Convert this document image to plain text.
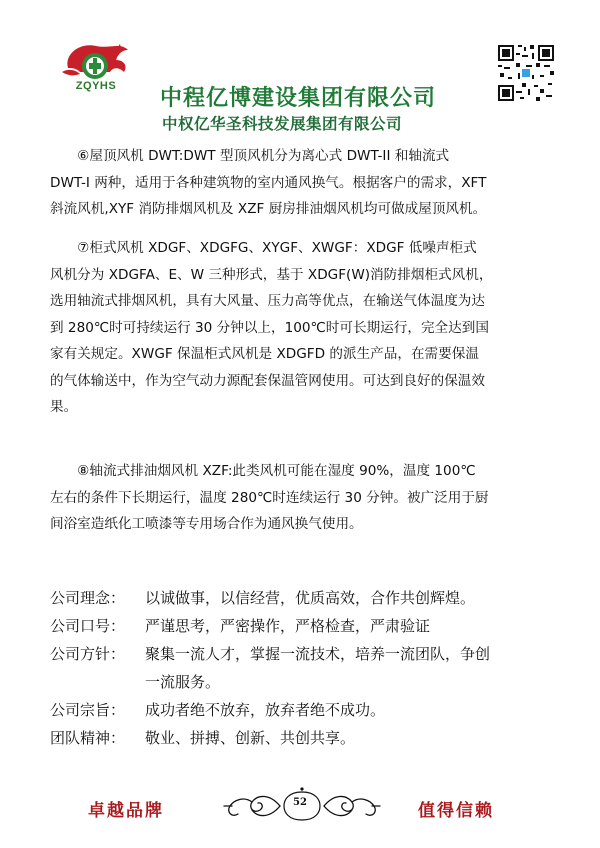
ZQYHS	中程亿博建设集团有限公司
中权亿华圣科技发展集团有限公司
　　⑥屋顶风机 DWT:DWT 型顶风机分为离心式 DWT-II 和轴流式
DWT-I 两种，适用于各种建筑物的室内通风换气。根据客户的需求，XFT
斜流风机,XYF 消防排烟风机及 XZF 厨房排油烟风机均可做成屋顶风机。
　　⑦柜式风机 XDGF、XDGFG、XYGF、XWGF：XDGF 低噪声柜式
风机分为 XDGFA、E、W 三种形式，基于 XDGF(W)消防排烟柜式风机，
选用轴流式排烟风机，具有大风量、压力高等优点，在输送气体温度为达
到 280℃时可持续运行 30 分钟以上，100℃时可长期运行，完全达到国
家有关规定。XWGF 保温柜式风机是 XDGFD 的派生产品，在需要保温
的气体输送中，作为空气动力源配套保温管网使用。可达到良好的保温效
果。
　　⑧轴流式排油烟风机 XZF:此类风机可能在湿度 90%，温度 100℃
左右的条件下长期运行，温度 280℃时连续运行 30 分钟。被广泛用于厨
间浴室造纸化工喷漆等专用场合作为通风换气使用。
公司理念：	以诚做事，以信经营，优质高效，合作共创辉煌。
公司口号：	严谨思考，严密操作，严格检查，严肃验证
公司方针：	聚集一流人才，掌握一流技术，培养一流团队，争创
一流服务。
公司宗旨：	成功者绝不放弃，放弃者绝不成功。
团队精神：	敬业、拼搏、创新、共创共享。
卓越品牌	52	值得信赖
